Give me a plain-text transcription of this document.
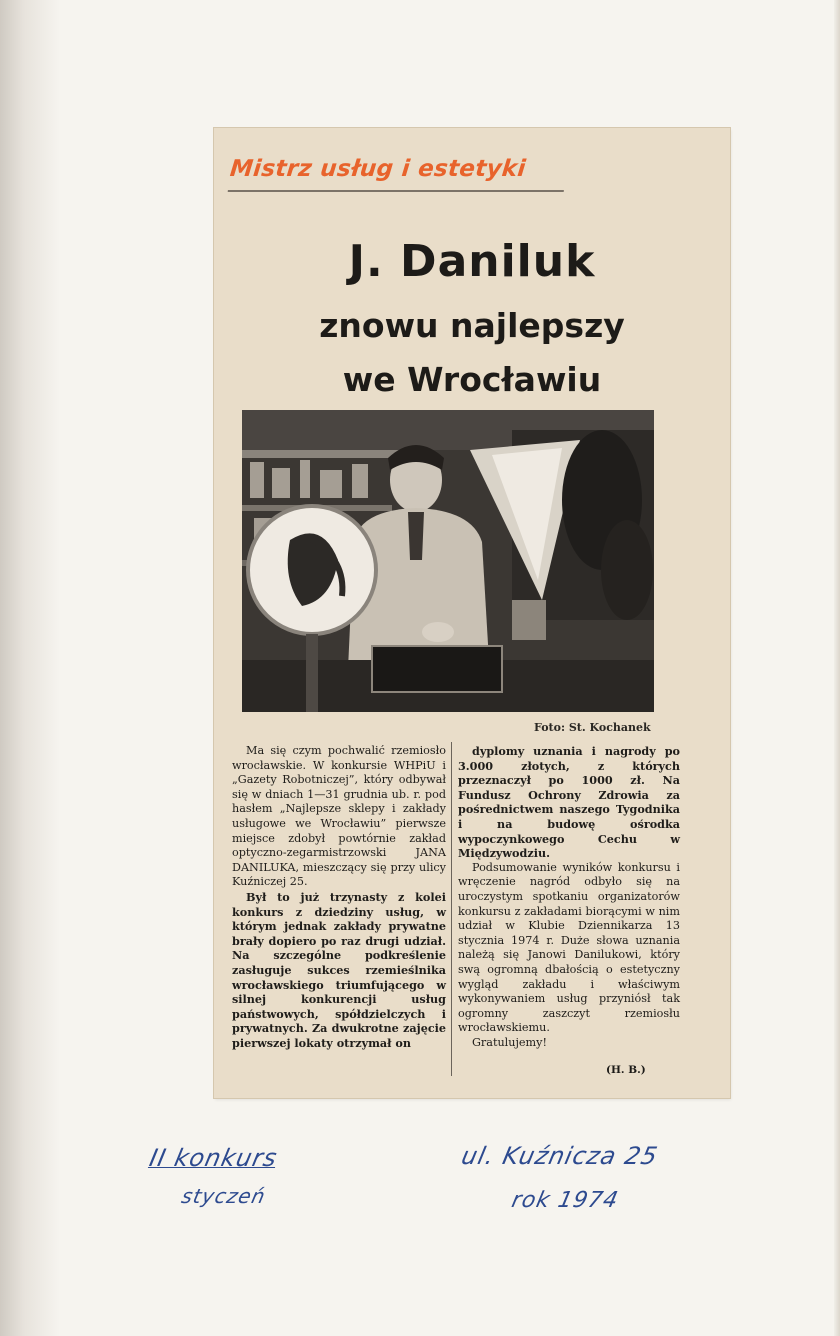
Mistrz usług i estetyki
J. Daniluk
znowu najlepszy
we Wrocławiu
Foto: St. Kochanek

Ma się czym pochwalić rzemiosło wrocławskie. W konkursie WHPiU i „Gazety Robotniczej”, który odbywał się w dniach 1—31 grudnia ub. r. pod hasłem „Najlepsze sklepy i zakłady usługowe we Wrocławiu” pierwsze miejsce zdobył powtórnie zakład optyczno-zegarmistrzowski JANA DANILUKA, mieszczący się przy ulicy Kuźniczej 25.

Był to już trzynasty z kolei konkurs z dziedziny usług, w którym jednak zakłady prywatne brały dopiero po raz drugi udział. Na szczególne podkreślenie zasługuje sukces rzemieślnika wrocławskiego triumfującego w silnej konkurencji usług państwowych, spółdzielczych i prywatnych. Za dwukrotne zajęcie pierwszej lokaty otrzymał on

dyplomy uznania i nagrody po 3.000 złotych, z których przeznaczył po 1000 zł. Na Fundusz Ochrony Zdrowia za pośrednictwem naszego Tygodnika i na budowę ośrodka wypoczynkowego Cechu w Międzywodziu.

Podsumowanie wyników konkursu i wręczenie nagród odbyło się na uroczystym spotkaniu organizatorów konkursu z zakładami biorącymi w nim udział w Klubie Dziennikarza 13 stycznia 1974 r. Duże słowa uznania należą się Janowi Danilukowi, który swą ogromną dbałością o estetyczny wygląd zakładu i właściwym wykonywaniem usług przyniósł tak ogromny zaszczyt rzemiosłu wrocławskiemu.

Gratulujemy!

(H. B.)
II konkurs
styczeń
ul. Kuźnicza 25
rok 1974
